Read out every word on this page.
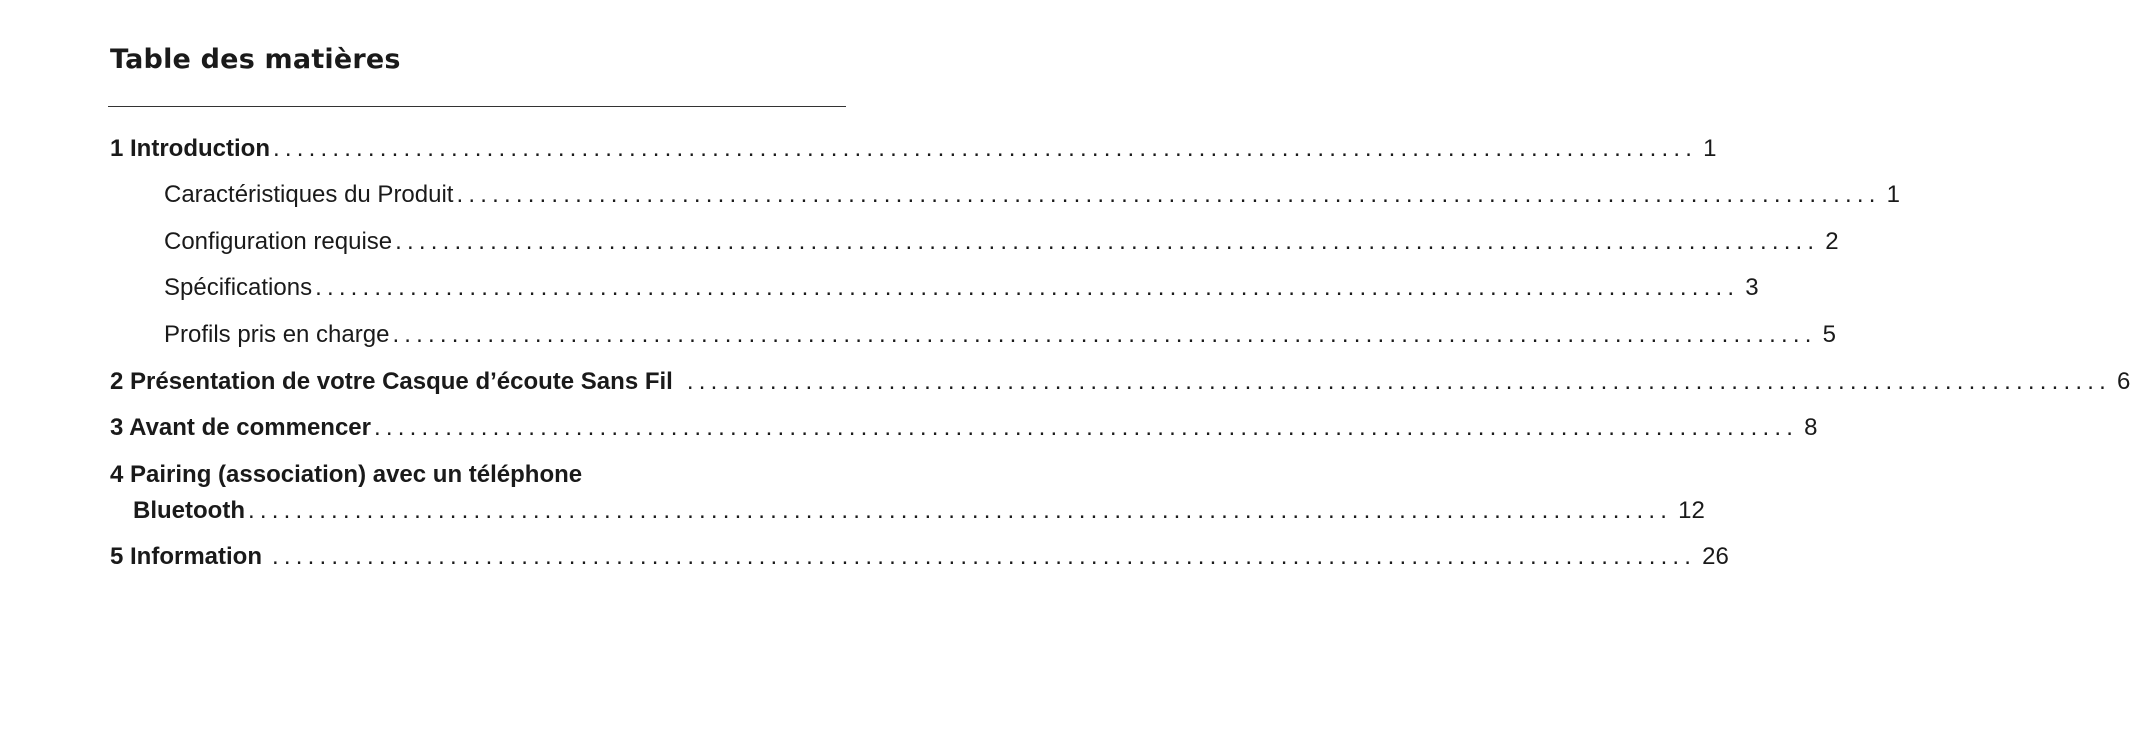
Table des matières
1 Introduction ........................................................................................................................ 1
Caractéristiques du Produit ........................................................................................................................ 1
Configuration requise ........................................................................................................................ 2
Spécifications ........................................................................................................................ 3
Profils pris en charge ........................................................................................................................ 5
2 Présentation de votre Casque d’écoute Sans Fil ........................................................................................................................ 6
3 Avant de commencer ........................................................................................................................ 8
4 Pairing (association) avec un téléphone
Bluetooth ........................................................................................................................ 12
5 Information ........................................................................................................................ 26
